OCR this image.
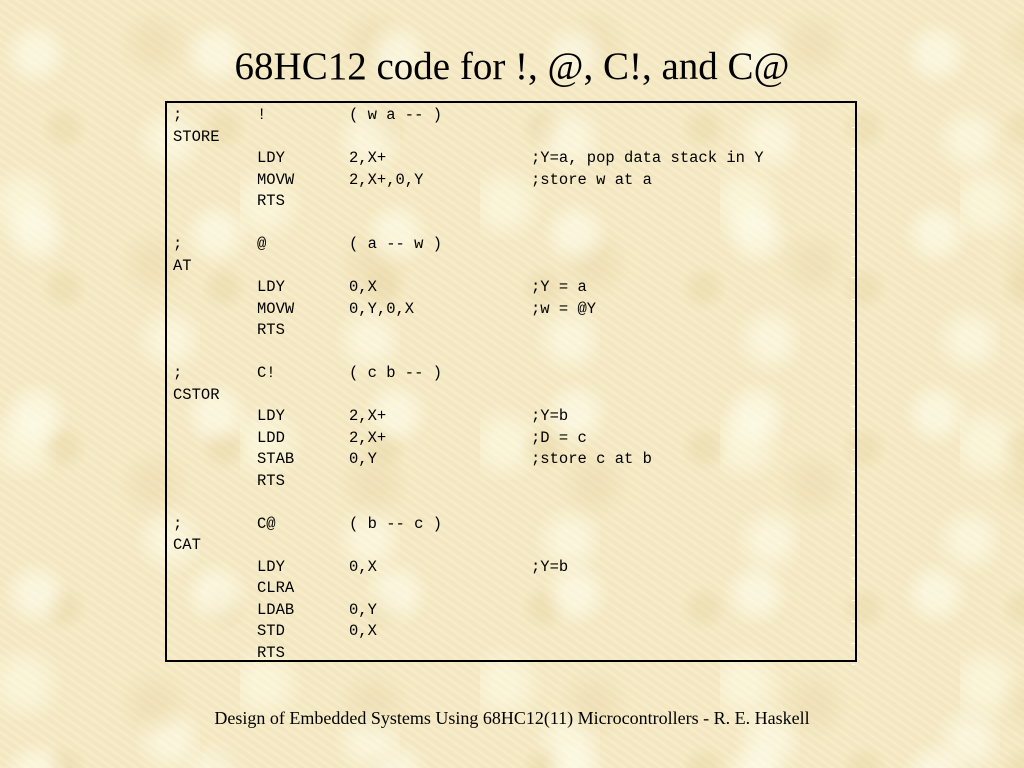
68HC12 code for !, @, C!, and C@
;	!	( w a -- )
STORE
LDY	2,X+	;Y=a, pop data stack in Y
MOVW	2,X+,0,Y	;store w at a
RTS
;	@	( a -- w )
AT
LDY	0,X	;Y = a
MOVW	0,Y,0,X	;w = @Y
RTS
;	C!	( c b -- )
CSTOR
LDY	2,X+	;Y=b
LDD	2,X+	;D = c
STAB	0,Y	;store c at b
RTS
;	C@	( b -- c )
CAT
LDY	0,X	;Y=b
CLRA
LDAB	0,Y
STD	0,X
RTS
Design of Embedded Systems Using 68HC12(11) Microcontrollers - R. E. Haskell
